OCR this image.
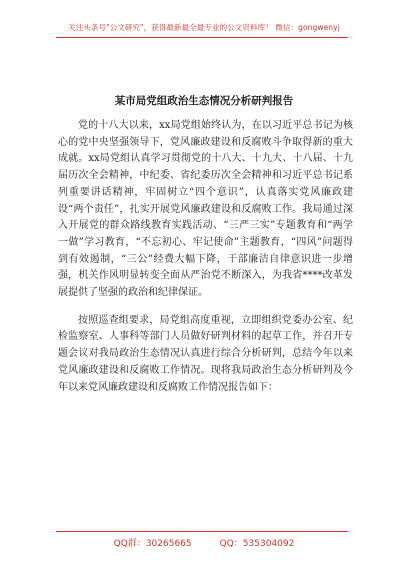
关注头条号"公文研究"，获得最新最全最专业的公文资料库！ 微信：gongwenyj
某市局党组政治生态情况分析研判报告

党的十八大以来，xx局党组始终认为，在以习近平总书记为核心的党中央坚强领导下，党风廉政建设和反腐败斗争取得新的重大成就。xx局党组认真学习贯彻党的十八大、十九大、十八届、十九届历次全会精神，中纪委、省纪委历次全会精神和习近平总书记系列重要讲话精神，牢固树立“四个意识”，认真落实党风廉政建设“两个责任”，扎实开展党风廉政建设和反腐败工作。我局通过深入开展党的群众路线教育实践活动、“三严三实”专题教育和“两学一做”学习教育，“不忘初心、牢记使命”主题教育，“四风”问题得到有效遏制，“三公”经费大幅下降，干部廉洁自律意识进一步增强，机关作风明显转变全面从严治党不断深入，为我省****改革发展提供了坚强的政治和纪律保证。

按照巡查组要求，局党组高度重视，立即组织党委办公室、纪检监察室、人事科等部门人员做好研判材料的起草工作，并召开专题会议对我局政治生态情况认真进行综合分析研判，总结今年以来党风廉政建设和反腐败工作情况。现将我局政治生态分析研判及今年以来党风廉政建设和反腐败工作情况报告如下：

QQ群：30265665	QQ：535304092
